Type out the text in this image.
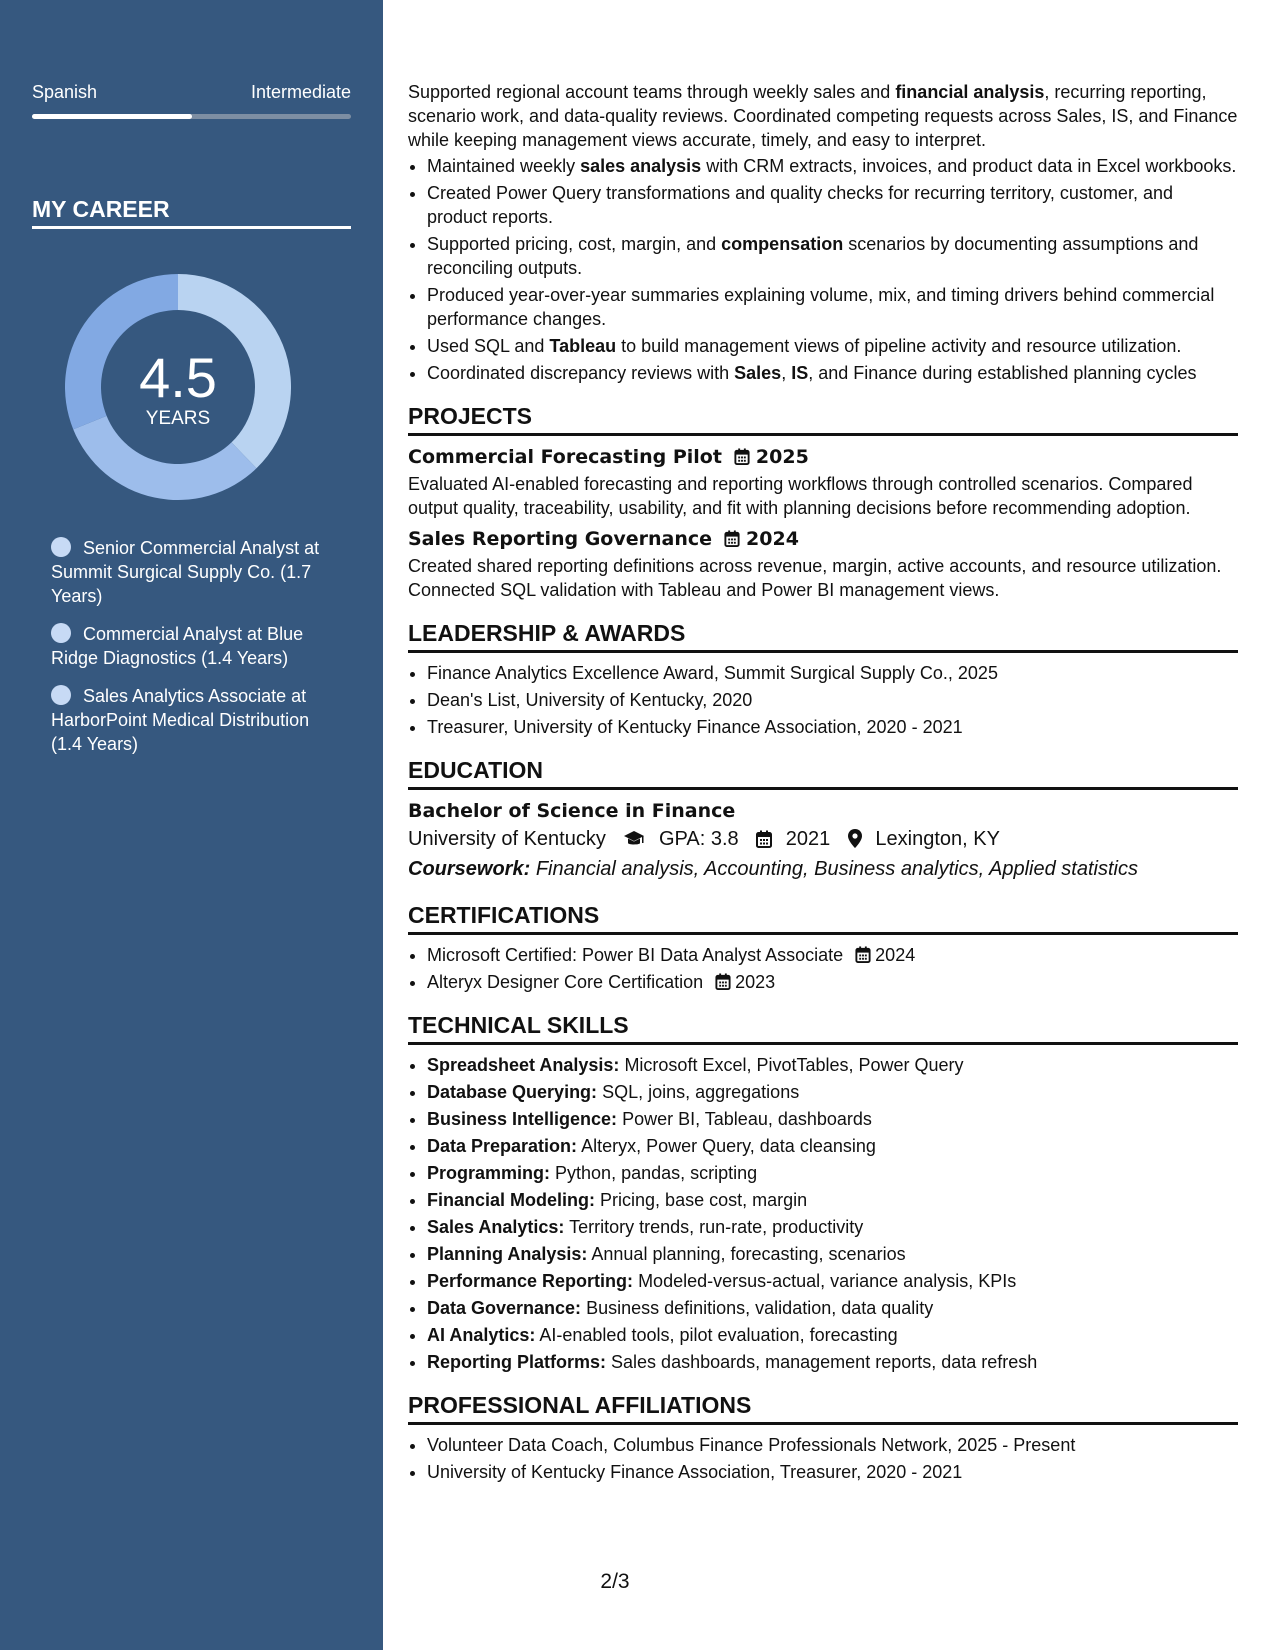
Spanish	Intermediate
MY CAREER
4.5
YEARS
Senior Commercial Analyst at Summit Surgical Supply Co. (1.7 Years)
Commercial Analyst at Blue Ridge Diagnostics (1.4 Years)
Sales Analytics Associate at HarborPoint Medical Distribution (1.4 Years)

Supported regional account teams through weekly sales and financial analysis, recurring reporting, scenario work, and data-quality reviews. Coordinated competing requests across Sales, IS, and Finance while keeping management views accurate, timely, and easy to interpret.

• Maintained weekly sales analysis with CRM extracts, invoices, and product data in Excel workbooks.
• Created Power Query transformations and quality checks for recurring territory, customer, and product reports.
• Supported pricing, cost, margin, and compensation scenarios by documenting assumptions and reconciling outputs.
• Produced year-over-year summaries explaining volume, mix, and timing drivers behind commercial performance changes.
• Used SQL and Tableau to build management views of pipeline activity and resource utilization.
• Coordinated discrepancy reviews with Sales, IS, and Finance during established planning cycles
PROJECTS
Commercial Forecasting Pilot 2025
Evaluated AI-enabled forecasting and reporting workflows through controlled scenarios. Compared output quality, traceability, usability, and fit with planning decisions before recommending adoption.
Sales Reporting Governance 2024
Created shared reporting definitions across revenue, margin, active accounts, and resource utilization. Connected SQL validation with Tableau and Power BI management views.
LEADERSHIP & AWARDS
• Finance Analytics Excellence Award, Summit Surgical Supply Co., 2025
• Dean's List, University of Kentucky, 2020
• Treasurer, University of Kentucky Finance Association, 2020 - 2021
EDUCATION
Bachelor of Science in Finance
University of Kentucky	GPA: 3.8 2021 Lexington, KY
Coursework: Financial analysis, Accounting, Business analytics, Applied statistics
CERTIFICATIONS
• Microsoft Certified: Power BI Data Analyst Associate 2024
• Alteryx Designer Core Certification 2023
TECHNICAL SKILLS
• Spreadsheet Analysis: Microsoft Excel, PivotTables, Power Query
• Database Querying: SQL, joins, aggregations
• Business Intelligence: Power BI, Tableau, dashboards
• Data Preparation: Alteryx, Power Query, data cleansing
• Programming: Python, pandas, scripting
• Financial Modeling: Pricing, base cost, margin
• Sales Analytics: Territory trends, run-rate, productivity
• Planning Analysis: Annual planning, forecasting, scenarios
• Performance Reporting: Modeled-versus-actual, variance analysis, KPIs
• Data Governance: Business definitions, validation, data quality
• AI Analytics: AI-enabled tools, pilot evaluation, forecasting
• Reporting Platforms: Sales dashboards, management reports, data refresh
PROFESSIONAL AFFILIATIONS
• Volunteer Data Coach, Columbus Finance Professionals Network, 2025 - Present
• University of Kentucky Finance Association, Treasurer, 2020 - 2021
2/3
